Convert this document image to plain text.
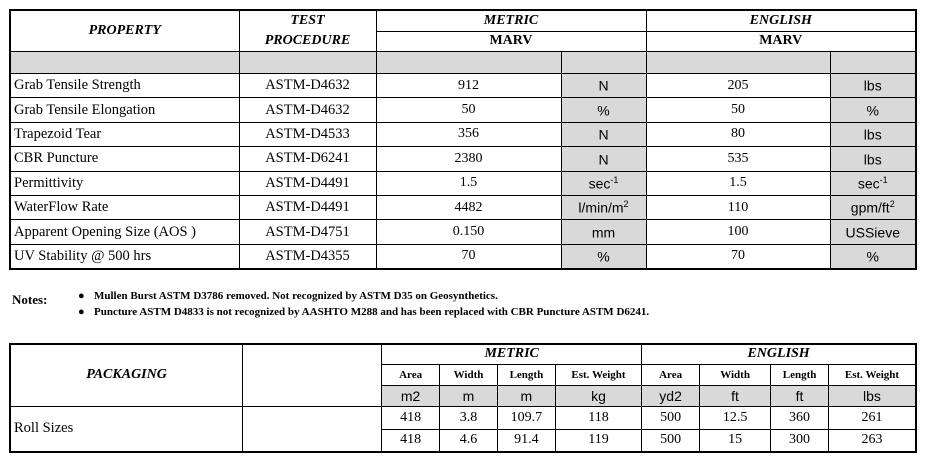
PROPERTY	TEST
PROCEDURE	METRIC		ENGLISH	
		MARV		MARV	

Grab Tensile Strength	ASTM-D4632	912	N	205	lbs
Grab Tensile Elongation	ASTM-D4632	50	%	50	%
Trapezoid Tear	ASTM-D4533	356	N	80	lbs
CBR Puncture	ASTM-D6241	2380	N	535	lbs
Permittivity	ASTM-D4491	1.5	$\sec^{-1}$	1.5	$\sec^{-1}$
WaterFlow Rate	ASTM-D4491	4482	$l/\min/m^2$	110	gpm/$ft^2$
Apparent Opening Size (AOS )	ASTM-D4751	0.150	mm	100	USSieve
UV Stability @ 500 hrs	ASTM-D4355	70	%	70	%
Notes:	● Mullen Burst ASTM D3786 removed. Not recognized by ASTM D35 on Geosynthetics.
● Puncture ASTM D4833 is not recognized by AASHTO M288 and has been replaced with CBR Puncture ASTM D6241.
PACKAGING		METRIC				ENGLISH			
		Area	Width	Length	Est. Weight	Area	Width	Length	Est. Weight
		m2	m	m	kg	yd2	ft	ft	lbs
Roll Sizes		418	3.8	109.7	118	500	12.5	360	261
		418	4.6	91.4	119	500	15	300	263
